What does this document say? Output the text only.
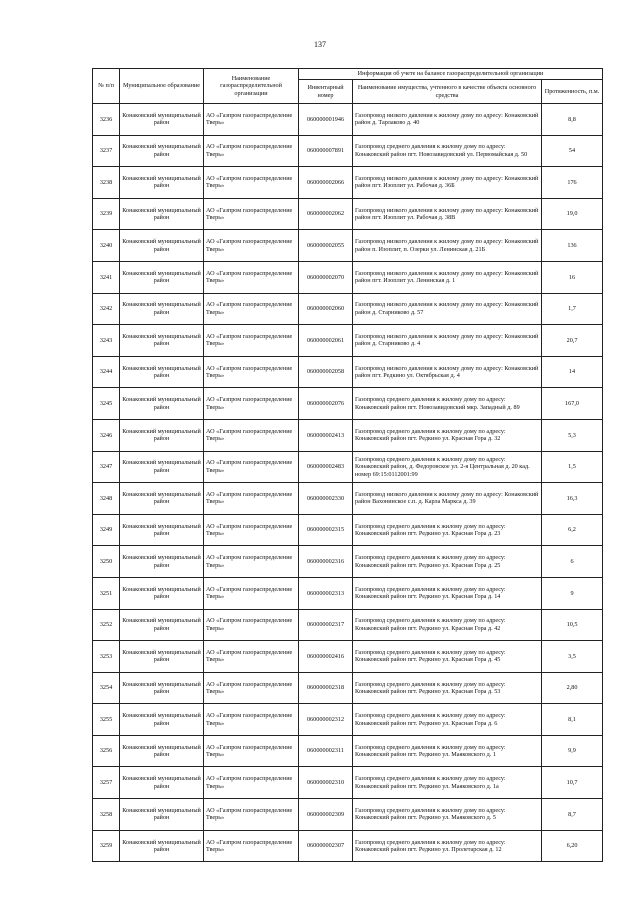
137
№ п/п	Муниципальное образование	Наименование газораспределительной организации	Информация об учете на балансе газораспределительной организации		
			Инвентарный номер	Наименование имущества, учтенного в качестве объекта основного средства	Протяженность, п.м.
3236	Конаковский муниципальный район	АО «Газпром газораспределение Тверь»	060000001946	Газопровод низкого давления к жилому дому по адресу: Конаковский район д. Тарлаково д. 40	8,8
3237	Конаковский муниципальный район	АО «Газпром газораспределение Тверь»	060000007891	Газопровод среднего давления к жилому дому по адресу: Конаковский район пгт. Новозавидовский ул. Первомайская д. 50	54
3238	Конаковский муниципальный район	АО «Газпром газораспределение Тверь»	060000002066	Газопровод низкого давления к жилому дому по адресу: Конаковский район пгт. Изоплит ул. Рабочая д. 36Б	176
3239	Конаковский муниципальный район	АО «Газпром газораспределение Тверь»	060000002062	Газопровод низкого давления к жилому дому по адресу: Конаковский район пгт. Изоплит ул. Рабочая д. 38В	19,0
3240	Конаковский муниципальный район	АО «Газпром газораспределение Тверь»	060000002055	Газопровод низкого давления к жилому дому по адресу: Конаковский район п. Изоплит, п. Озерки ул. Ленинская д. 21Б	136
3241	Конаковский муниципальный район	АО «Газпром газораспределение Тверь»	060000002070	Газопровод низкого давления к жилому дому по адресу: Конаковский район пгт. Изоплит ул. Ленинская д. 1	16
3242	Конаковский муниципальный район	АО «Газпром газораспределение Тверь»	060000002060	Газопровод низкого давления к жилому дому по адресу: Конаковский район д. Старниково д. 57	1,7
3243	Конаковский муниципальный район	АО «Газпром газораспределение Тверь»	060000002061	Газопровод низкого давления к жилому дому по адресу: Конаковский район д. Старниково д. 4	20,7
3244	Конаковский муниципальный район	АО «Газпром газораспределение Тверь»	060000002058	Газопровод низкого давления к жилому дому по адресу: Конаковский район пгт. Редкино ул. Октябрьская д. 4	14
3245	Конаковский муниципальный район	АО «Газпром газораспределение Тверь»	060000002076	Газопровод среднего давления к жилому дому по адресу: Конаковский район пгт. Новозавидовский мкр. Западный д. 89	167,0
3246	Конаковский муниципальный район	АО «Газпром газораспределение Тверь»	060000002413	Газопровод среднего давления к жилому дому по адресу: Конаковский район пгт. Редкино ул. Красная Гора д. 32	5,3
3247	Конаковский муниципальный район	АО «Газпром газораспределение Тверь»	060000002483	Газопровод среднего давления к жилому дому по адресу: Конаковский район, д. Федоровское ул. 2-я Центральная д. 20 кад. номер 69:15:0112001:99	1,5
3248	Конаковский муниципальный район	АО «Газпром газораспределение Тверь»	060000002330	Газопровод низкого давления к жилому дому по адресу: Конаковский район Вахонинское с.п. д. Карла Маркса д. 39	16,3
3249	Конаковский муниципальный район	АО «Газпром газораспределение Тверь»	060000002315	Газопровод среднего давления к жилому дому по адресу: Конаковский район пгт. Редкино ул. Красная Гора д. 23	6,2
3250	Конаковский муниципальный район	АО «Газпром газораспределение Тверь»	060000002316	Газопровод среднего давления к жилому дому по адресу: Конаковский район пгт. Редкино ул. Красная Гора д. 25	6
3251	Конаковский муниципальный район	АО «Газпром газораспределение Тверь»	060000002313	Газопровод среднего давления к жилому дому по адресу: Конаковский район пгт. Редкино ул. Красная Гора д. 14	9
3252	Конаковский муниципальный район	АО «Газпром газораспределение Тверь»	060000002317	Газопровод среднего давления к жилому дому по адресу: Конаковский район пгт. Редкино ул. Красная Гора д. 42	10,5
3253	Конаковский муниципальный район	АО «Газпром газораспределение Тверь»	060000002416	Газопровод среднего давления к жилому дому по адресу: Конаковский район пгт. Редкино ул. Красная Гора д. 45	3,5
3254	Конаковский муниципальный район	АО «Газпром газораспределение Тверь»	060000002318	Газопровод среднего давления к жилому дому по адресу: Конаковский район пгт. Редкино ул. Красная Гора д. 53	2,80
3255	Конаковский муниципальный район	АО «Газпром газораспределение Тверь»	060000002312	Газопровод среднего давления к жилому дому по адресу: Конаковский район пгт. Редкино ул. Красная Гора д. 6	8,1
3256	Конаковский муниципальный район	АО «Газпром газораспределение Тверь»	060000002311	Газопровод среднего давления к жилому дому по адресу: Конаковский район пгт. Редкино ул. Маяковского д. 1	9,9
3257	Конаковский муниципальный район	АО «Газпром газораспределение Тверь»	060000002310	Газопровод среднего давления к жилому дому по адресу: Конаковский район пгт. Редкино ул. Маяковского д. 1а	10,7
3258	Конаковский муниципальный район	АО «Газпром газораспределение Тверь»	060000002309	Газопровод среднего давления к жилому дому по адресу: Конаковский район пгт. Редкино ул. Маяковского д. 5	8,7
3259	Конаковский муниципальный район	АО «Газпром газораспределение Тверь»	060000002307	Газопровод среднего давления к жилому дому по адресу: Конаковский район пгт. Редкино ул. Пролетарская д. 12	6,20
